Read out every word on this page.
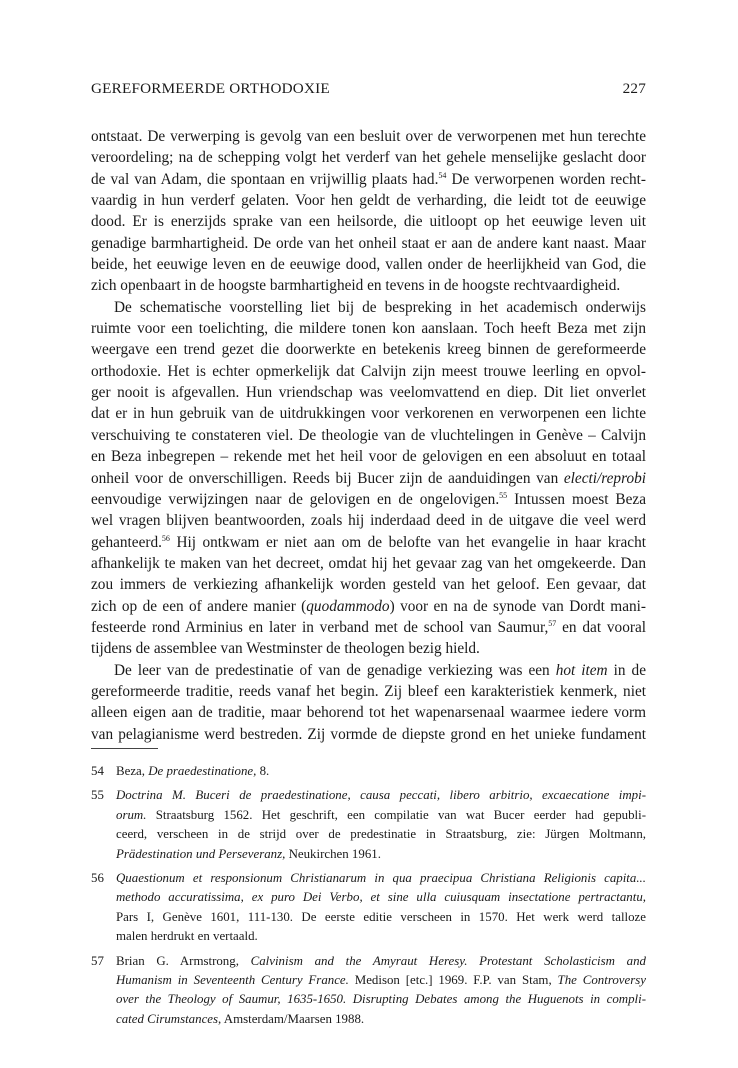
GEREFORMEERDE ORTHODOXIE	227
ontstaat. De verwerping is gevolg van een besluit over de verworpenen met hun terechte
veroordeling; na de schepping volgt het verderf van het gehele menselijke geslacht door
de val van Adam, die spontaan en vrijwillig plaats had.$^{54}$ De verworpenen worden recht-
vaardig in hun verderf gelaten. Voor hen geldt de verharding, die leidt tot de eeuwige
dood. Er is enerzijds sprake van een heilsorde, die uitloopt op het eeuwige leven uit
genadige barmhartigheid. De orde van het onheil staat er aan de andere kant naast. Maar
beide, het eeuwige leven en de eeuwige dood, vallen onder de heerlijkheid van God, die
zich openbaart in de hoogste barmhartigheid en tevens in de hoogste rechtvaardigheid.
De schematische voorstelling liet bij de bespreking in het academisch onderwijs
ruimte voor een toelichting, die mildere tonen kon aanslaan. Toch heeft Beza met zijn
weergave een trend gezet die doorwerkte en betekenis kreeg binnen de gereformeerde
orthodoxie. Het is echter opmerkelijk dat Calvijn zijn meest trouwe leerling en opvol-
ger nooit is afgevallen. Hun vriendschap was veelomvattend en diep. Dit liet onverlet
dat er in hun gebruik van de uitdrukkingen voor verkorenen en verworpenen een lichte
verschuiving te constateren viel. De theologie van de vluchtelingen in Genève – Calvijn
en Beza inbegrepen – rekende met het heil voor de gelovigen en een absoluut en totaal
onheil voor de onverschilligen. Reeds bij Bucer zijn de aanduidingen van electi/reprobi
eenvoudige verwijzingen naar de gelovigen en de ongelovigen.$^{55}$ Intussen moest Beza
wel vragen blijven beantwoorden, zoals hij inderdaad deed in de uitgave die veel werd
gehanteerd.$^{56}$ Hij ontkwam er niet aan om de belofte van het evangelie in haar kracht
afhankelijk te maken van het decreet, omdat hij het gevaar zag van het omgekeerde. Dan
zou immers de verkiezing afhankelijk worden gesteld van het geloof. Een gevaar, dat
zich op de een of andere manier (quodammodo) voor en na de synode van Dordt mani-
festeerde rond Arminius en later in verband met de school van Saumur,$^{57}$ en dat vooral
tijdens de assemblee van Westminster de theologen bezig hield.
De leer van de predestinatie of van de genadige verkiezing was een hot item in de
gereformeerde traditie, reeds vanaf het begin. Zij bleef een karakteristiek kenmerk, niet
alleen eigen aan de traditie, maar behorend tot het wapenarsenaal waarmee iedere vorm
van pelagianisme werd bestreden. Zij vormde de diepste grond en het unieke fundament
54 Beza, De praedestinatione, 8.
55 Doctrina M. Buceri de praedestinatione, causa peccati, libero arbitrio, excaecatione impi-
orum. Straatsburg 1562. Het geschrift, een compilatie van wat Bucer eerder had gepubli-
ceerd, verscheen in de strijd over de predestinatie in Straatsburg, zie: Jürgen Moltmann,
Prädestination und Perseveranz, Neukirchen 1961.
56 Quaestionum et responsionum Christianarum in qua praecipua Christiana Religionis capita...
methodo accuratissima, ex puro Dei Verbo, et sine ulla cuiusquam insectatione pertractantu,
Pars I, Genève 1601, 111-130. De eerste editie verscheen in 1570. Het werk werd talloze
malen herdrukt en vertaald.
57 Brian G. Armstrong, Calvinism and the Amyraut Heresy. Protestant Scholasticism and
Humanism in Seventeenth Century France. Medison [etc.] 1969. F.P. van Stam, The Controversy
over the Theology of Saumur, 1635-1650. Disrupting Debates among the Huguenots in compli-
cated Cirumstances, Amsterdam/Maarsen 1988.
